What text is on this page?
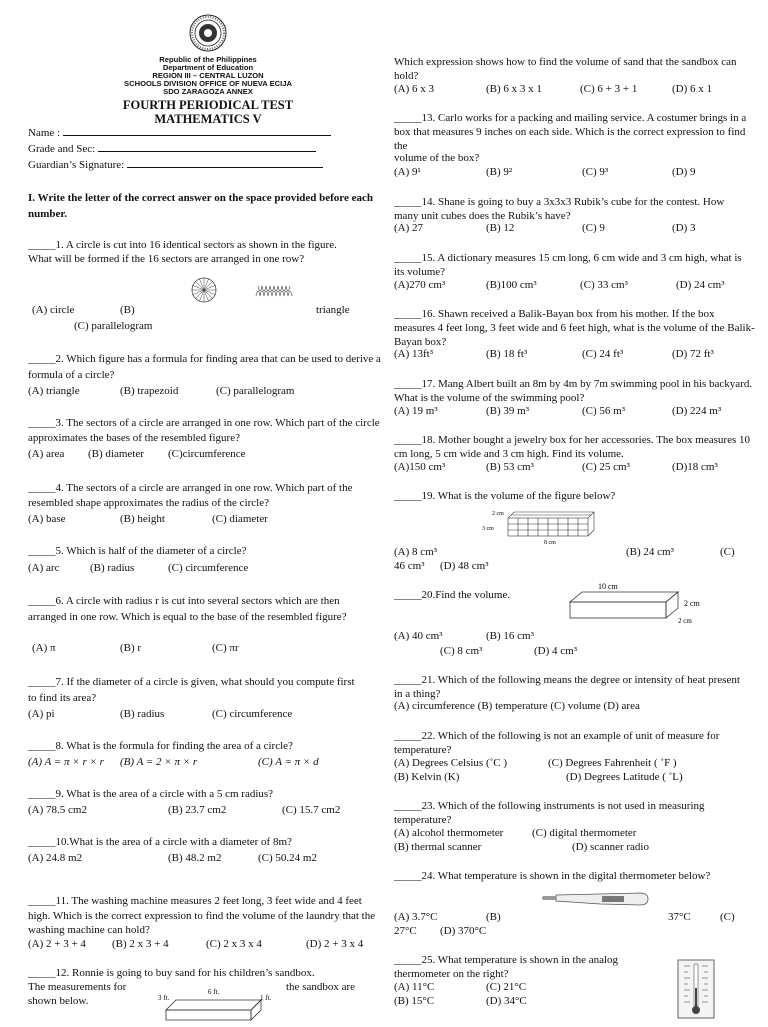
Republic of the Philippines
Department of Education
REGION III – CENTRAL LUZON
SCHOOLS DIVISION OFFICE OF NUEVA ECIJA
SDO ZARAGOZA ANNEX
FOURTH PERIODICAL TEST
MATHEMATICS V
Name :
Grade and Sec:
Guardian’s Signature:
I. Write the letter of the correct answer on the space provided before each number.
_____1. A circle is cut into 16 identical sectors as shown in the figure. What will be formed if the 16 sectors are arranged in one row?
(A) circle	(B)	triangle
(C) parallelogram
_____2. Which figure has a formula for finding area that can be used to derive a formula of a circle?
(A) triangle	(B) trapezoid	(C) parallelogram
_____3. The sectors of a circle are arranged in one row. Which part of the circle approximates the bases of the resembled figure?
(A) area (B) diameter (C)circumference
_____4. The sectors of a circle are arranged in one row. Which part of the resembled shape approximates the radius of the circle?
(A) base	(B) height	(C) diameter
_____5. Which is half of the diameter of a circle?
(A) arc	(B) radius	(C) circumference
_____6. A circle with radius r is cut into several sectors which are then arranged in one row. Which is equal to the base of the resembled figure?
(A) π	(B) r	(C) πr
_____7. If the diameter of a circle is given, what should you compute first to find its area?
(A) pi	(B) radius	(C) circumference
_____8. What is the formula for finding the area of a circle?
(A) A = π × r × r (B) A = 2 × π × r	(C) A = π × d
_____9. What is the area of a circle with a 5 cm radius?
(A) 78.5 cm2	(B) 23.7 cm2	(C) 15.7 cm2
_____10.What is the area of a circle with a diameter of 8m?
(A) 24.8 m2	(B) 48.2 m2	(C) 50.24 m2
_____11. The washing machine measures 2 feet long, 3 feet wide and 4 feet high. Which is the correct expression to find the volume of the laundry that the washing machine can hold?
(A) 2 + 3 + 4 (B) 2 x 3 + 4	(C) 2 x 3 x 4	(D) 2 + 3 x 4
_____12. Ronnie is going to buy sand for his children’s sandbox.
The measurements for	the sandbox are
shown below.	3 ft.
6 ft.
1 ft.
Which expression shows how to find the volume of sand that the sandbox can hold?
(A) 6 x 3	(B) 6 x 3 x 1	(C) 6 + 3 + 1	(D) 6 x 1
_____13. Carlo works for a packing and mailing service. A costumer brings in a box that measures 9 inches on each side. Which is the correct expression to find the
volume of the box?
(A) 9¹	(B) 9²	(C) 9³	(D) 9
_____14. Shane is going to buy a 3x3x3 Rubik’s cube for the contest. How many unit cubes does the Rubik’s have?
(A) 27	(B) 12	(C) 9	(D) 3
_____15. A dictionary measures 15 cm long, 6 cm wide and 3 cm high, what is its volume?
(A)270 cm³	(B)100 cm³	(C) 33 cm³	(D) 24 cm³
_____16. Shawn received a Balik-Bayan box from his mother. If the box measures 4 feet long, 3 feet wide and 6 feet high, what is the volume of the Balik-Bayan box?
(A) 13ft³	(B) 18 ft³	(C) 24 ft³	(D) 72 ft³
_____17. Mang Albert built an 8m by 4m by 7m swimming pool in his backyard. What is the volume of the swimming pool?
(A) 19 m³	(B) 39 m³	(C) 56 m³	(D) 224 m³
_____18. Mother bought a jewelry box for her accessories. The box measures 10 cm long, 5 cm wide and 3 cm high. Find its volume.
(A)150 cm³	(B) 53 cm³	(C) 25 cm³	(D)18 cm³
_____19. What is the volume of the figure below?
2 cm
3 cm
8 cm
(A) 8 cm³	(B) 24 cm³	(C)
46 cm³ (D) 48 cm³
_____20.Find the volume.
10 cm
2 cm
2 cm
(A) 40 cm³	(B) 16 cm³
(C) 8 cm³	(D) 4 cm³
_____21. Which of the following means the degree or intensity of heat present in a thing?
(A) circumference (B) temperature (C) volume (D) area
_____22. Which of the following is not an example of unit of measure for temperature?
(A) Degrees Celsius (˚C )	(C) Degrees Fahrenheit ( ˚F )
(B) Kelvin (K)	(D) Degrees Latitude ( ˚L)
_____23. Which of the following instruments is not used in measuring temperature?
(A) alcohol thermometer	(C) digital thermometer
(B) thermal scanner	(D) scanner radio
_____24. What temperature is shown in the digital thermometer below?
(A) 3.7°C	(B)	37°C	(C)
27°C (D) 370°C
_____25. What temperature is shown in the analog thermometer on the right?
(A) 11°C	(C) 21°C
(B) 15°C	(D) 34°C
